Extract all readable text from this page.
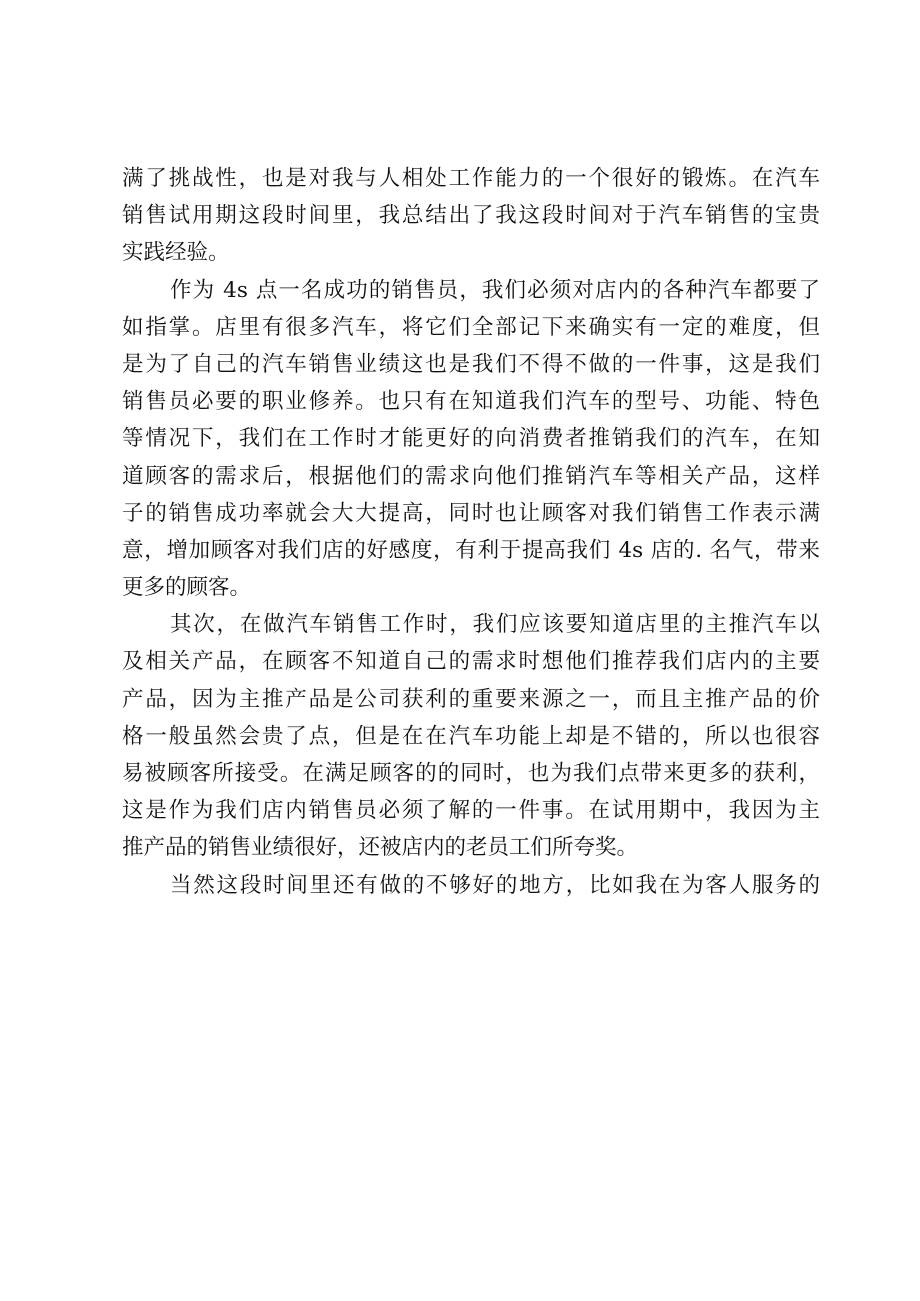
满了挑战性，也是对我与人相处工作能力的一个很好的锻炼。在汽车
销售试用期这段时间里，我总结出了我这段时间对于汽车销售的宝贵
实践经验。
作为 4s 点一名成功的销售员，我们必须对店内的各种汽车都要了
如指掌。店里有很多汽车，将它们全部记下来确实有一定的难度，但
是为了自己的汽车销售业绩这也是我们不得不做的一件事，这是我们
销售员必要的职业修养。也只有在知道我们汽车的型号、功能、特色
等情况下，我们在工作时才能更好的向消费者推销我们的汽车，在知
道顾客的需求后，根据他们的需求向他们推销汽车等相关产品，这样
子的销售成功率就会大大提高，同时也让顾客对我们销售工作表示满
意，增加顾客对我们店的好感度，有利于提高我们 4s 店的. 名气，带来
更多的顾客。
其次，在做汽车销售工作时，我们应该要知道店里的主推汽车以
及相关产品，在顾客不知道自己的需求时想他们推荐我们店内的主要
产品，因为主推产品是公司获利的重要来源之一，而且主推产品的价
格一般虽然会贵了点，但是在在汽车功能上却是不错的，所以也很容
易被顾客所接受。在满足顾客的的同时，也为我们点带来更多的获利，
这是作为我们店内销售员必须了解的一件事。在试用期中，我因为主
推产品的销售业绩很好，还被店内的老员工们所夸奖。
当然这段时间里还有做的不够好的地方，比如我在为客人服务的
